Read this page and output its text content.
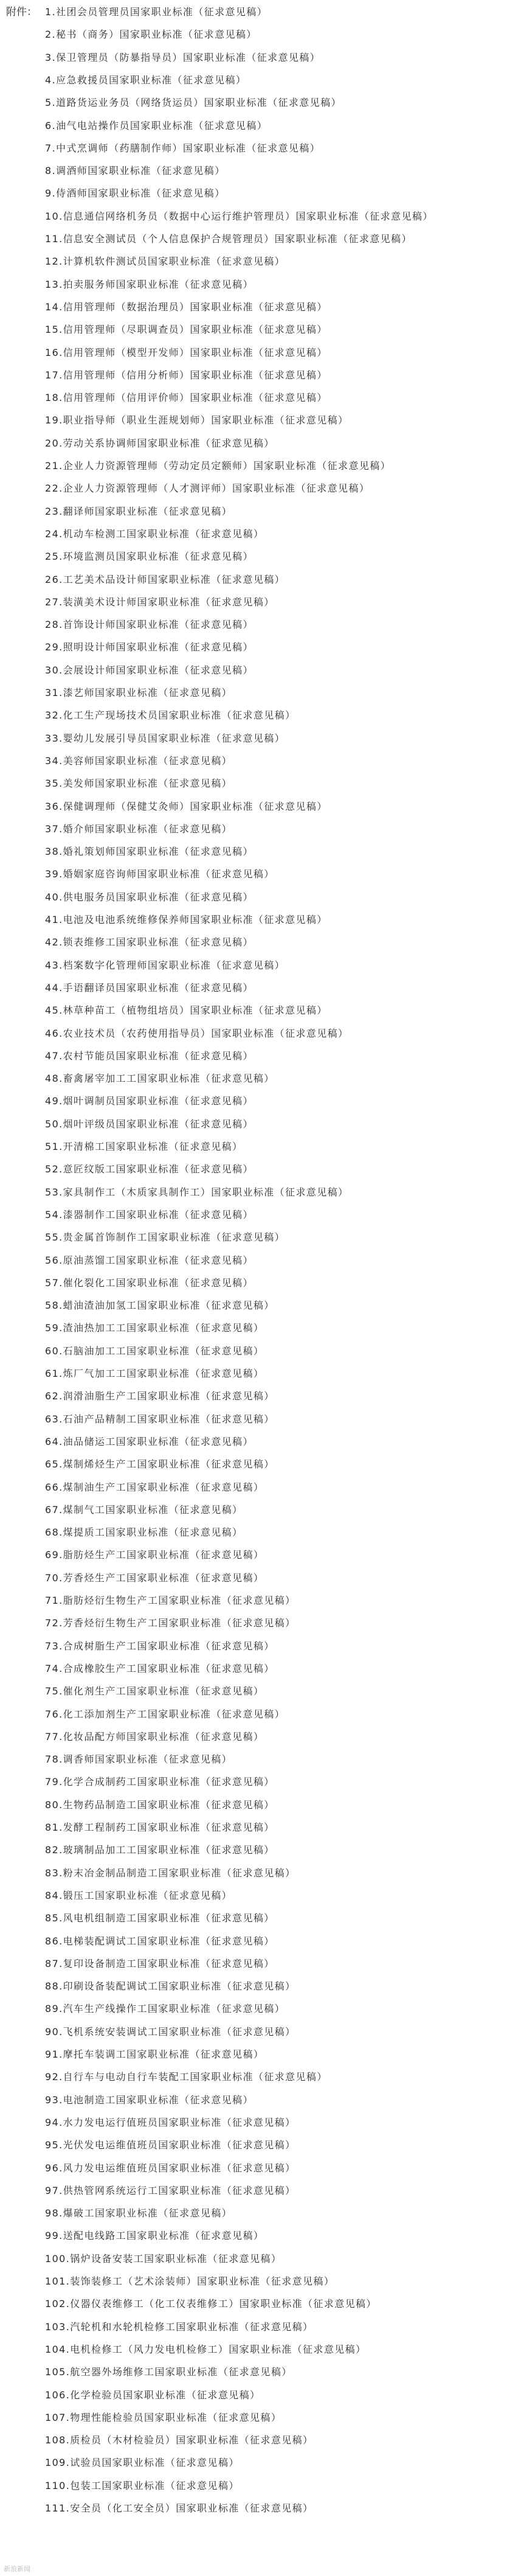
附件： 1.社团会员管理员国家职业标准（征求意见稿）
2.秘书（商务）国家职业标准（征求意见稿）
3.保卫管理员（防暴指导员）国家职业标准（征求意见稿）
4.应急救援员国家职业标准（征求意见稿）
5.道路货运业务员（网络货运员）国家职业标准（征求意见稿）
6.油气电站操作员国家职业标准（征求意见稿）
7.中式烹调师（药膳制作师）国家职业标准（征求意见稿）
8.调酒师国家职业标准（征求意见稿）
9.侍酒师国家职业标准（征求意见稿）
10.信息通信网络机务员（数据中心运行维护管理员）国家职业标准（征求意见稿）
11.信息安全测试员（个人信息保护合规管理员）国家职业标准（征求意见稿）
12.计算机软件测试员国家职业标准（征求意见稿）
13.拍卖服务师国家职业标准（征求意见稿）
14.信用管理师（数据治理员）国家职业标准（征求意见稿）
15.信用管理师（尽职调查员）国家职业标准（征求意见稿）
16.信用管理师（模型开发师）国家职业标准（征求意见稿）
17.信用管理师（信用分析师）国家职业标准（征求意见稿）
18.信用管理师（信用评价师）国家职业标准（征求意见稿）
19.职业指导师（职业生涯规划师）国家职业标准（征求意见稿）
20.劳动关系协调师国家职业标准（征求意见稿）
21.企业人力资源管理师（劳动定员定额师）国家职业标准（征求意见稿）
22.企业人力资源管理师（人才测评师）国家职业标准（征求意见稿）
23.翻译师国家职业标准（征求意见稿）
24.机动车检测工国家职业标准（征求意见稿）
25.环境监测员国家职业标准（征求意见稿）
26.工艺美术品设计师国家职业标准（征求意见稿）
27.装潢美术设计师国家职业标准（征求意见稿）
28.首饰设计师国家职业标准（征求意见稿）
29.照明设计师国家职业标准（征求意见稿）
30.会展设计师国家职业标准（征求意见稿）
31.漆艺师国家职业标准（征求意见稿）
32.化工生产现场技术员国家职业标准（征求意见稿）
33.婴幼儿发展引导员国家职业标准（征求意见稿）
34.美容师国家职业标准（征求意见稿）
35.美发师国家职业标准（征求意见稿）
36.保健调理师（保健艾灸师）国家职业标准（征求意见稿）
37.婚介师国家职业标准（征求意见稿）
38.婚礼策划师国家职业标准（征求意见稿）
39.婚姻家庭咨询师国家职业标准（征求意见稿）
40.供电服务员国家职业标准（征求意见稿）
41.电池及电池系统维修保养师国家职业标准（征求意见稿）
42.锁表维修工国家职业标准（征求意见稿）
43.档案数字化管理师国家职业标准（征求意见稿）
44.手语翻译员国家职业标准（征求意见稿）
45.林草种苗工（植物组培员）国家职业标准（征求意见稿）
46.农业技术员（农药使用指导员）国家职业标准（征求意见稿）
47.农村节能员国家职业标准（征求意见稿）
48.畜禽屠宰加工工国家职业标准（征求意见稿）
49.烟叶调制员国家职业标准（征求意见稿）
50.烟叶评级员国家职业标准（征求意见稿）
51.开清棉工国家职业标准（征求意见稿）
52.意匠纹版工国家职业标准（征求意见稿）
53.家具制作工（木质家具制作工）国家职业标准（征求意见稿）
54.漆器制作工国家职业标准（征求意见稿）
55.贵金属首饰制作工国家职业标准（征求意见稿）
56.原油蒸馏工国家职业标准（征求意见稿）
57.催化裂化工国家职业标准（征求意见稿）
58.蜡油渣油加氢工国家职业标准（征求意见稿）
59.渣油热加工工国家职业标准（征求意见稿）
60.石脑油加工工国家职业标准（征求意见稿）
61.炼厂气加工工国家职业标准（征求意见稿）
62.润滑油脂生产工国家职业标准（征求意见稿）
63.石油产品精制工国家职业标准（征求意见稿）
64.油品储运工国家职业标准（征求意见稿）
65.煤制烯烃生产工国家职业标准（征求意见稿）
66.煤制油生产工国家职业标准（征求意见稿）
67.煤制气工国家职业标准（征求意见稿）
68.煤提质工国家职业标准（征求意见稿）
69.脂肪烃生产工国家职业标准（征求意见稿）
70.芳香烃生产工国家职业标准（征求意见稿）
71.脂肪烃衍生物生产工国家职业标准（征求意见稿）
72.芳香烃衍生物生产工国家职业标准（征求意见稿）
73.合成树脂生产工国家职业标准（征求意见稿）
74.合成橡胶生产工国家职业标准（征求意见稿）
75.催化剂生产工国家职业标准（征求意见稿）
76.化工添加剂生产工国家职业标准（征求意见稿）
77.化妆品配方师国家职业标准（征求意见稿）
78.调香师国家职业标准（征求意见稿）
79.化学合成制药工国家职业标准（征求意见稿）
80.生物药品制造工国家职业标准（征求意见稿）
81.发酵工程制药工国家职业标准（征求意见稿）
82.玻璃制品加工工国家职业标准（征求意见稿）
83.粉末冶金制品制造工国家职业标准（征求意见稿）
84.锻压工国家职业标准（征求意见稿）
85.风电机组制造工国家职业标准（征求意见稿）
86.电梯装配调试工国家职业标准（征求意见稿）
87.复印设备制造工国家职业标准（征求意见稿）
88.印刷设备装配调试工国家职业标准（征求意见稿）
89.汽车生产线操作工国家职业标准（征求意见稿）
90.飞机系统安装调试工国家职业标准（征求意见稿）
91.摩托车装调工国家职业标准（征求意见稿）
92.自行车与电动自行车装配工国家职业标准（征求意见稿）
93.电池制造工国家职业标准（征求意见稿）
94.水力发电运行值班员国家职业标准（征求意见稿）
95.光伏发电运维值班员国家职业标准（征求意见稿）
96.风力发电运维值班员国家职业标准（征求意见稿）
97.供热管网系统运行工国家职业标准（征求意见稿）
98.爆破工国家职业标准（征求意见稿）
99.送配电线路工国家职业标准（征求意见稿）
100.锅炉设备安装工国家职业标准（征求意见稿）
101.装饰装修工（艺术涂装师）国家职业标准（征求意见稿）
102.仪器仪表维修工（化工仪表维修工）国家职业标准（征求意见稿）
103.汽轮机和水轮机检修工国家职业标准（征求意见稿）
104.电机检修工（风力发电机检修工）国家职业标准（征求意见稿）
105.航空器外场维修工国家职业标准（征求意见稿）
106.化学检验员国家职业标准（征求意见稿）
107.物理性能检验员国家职业标准（征求意见稿）
108.质检员（木材检验员）国家职业标准（征求意见稿）
109.试验员国家职业标准（征求意见稿）
110.包装工国家职业标准（征求意见稿）
111.安全员（化工安全员）国家职业标准（征求意见稿）
新浪新闻
